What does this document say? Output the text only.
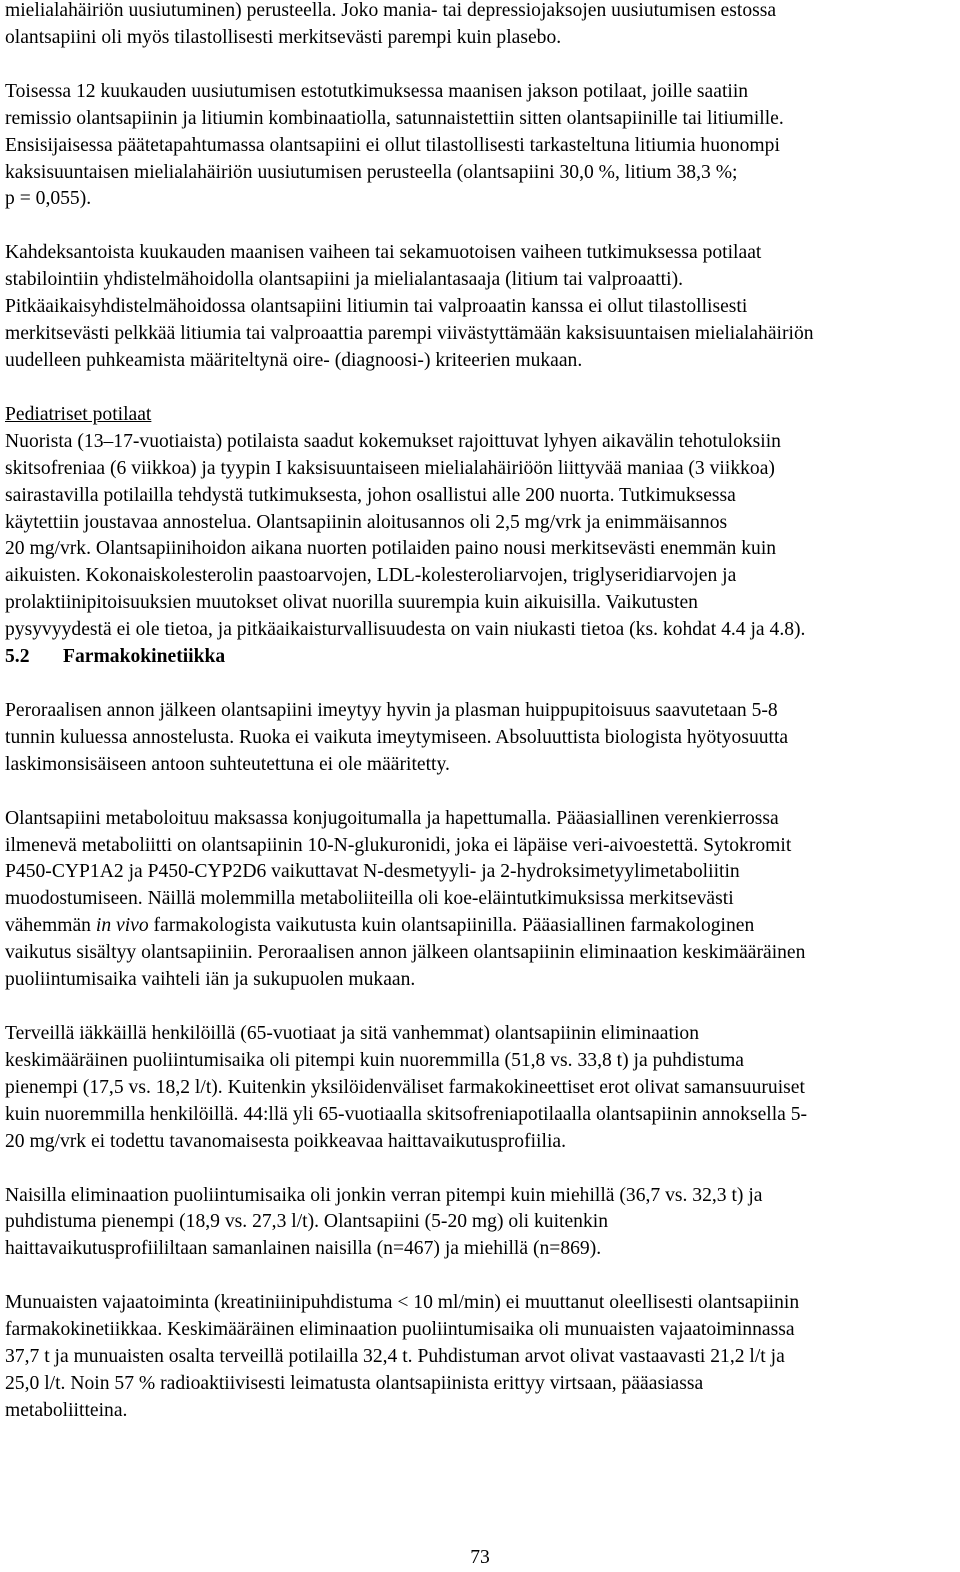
mielialahäiriön uusiutuminen) perusteella. Joko mania- tai depressiojaksojen uusiutumisen estossa
olantsapiini oli myös tilastollisesti merkitsevästi parempi kuin plasebo.

Toisessa 12 kuukauden uusiutumisen estotutkimuksessa maanisen jakson potilaat, joille saatiin
remissio olantsapiinin ja litiumin kombinaatiolla, satunnaistettiin sitten olantsapiinille tai litiumille.
Ensisijaisessa päätetapahtumassa olantsapiini ei ollut tilastollisesti tarkasteltuna litiumia huonompi
kaksisuuntaisen mielialahäiriön uusiutumisen perusteella (olantsapiini 30,0 %, litium 38,3 %;
p = 0,055).

Kahdeksantoista kuukauden maanisen vaiheen tai sekamuotoisen vaiheen tutkimuksessa potilaat
stabilointiin yhdistelmähoidolla olantsapiini ja mielialantasaaja (litium tai valproaatti).
Pitkäaikaisyhdistelmähoidossa olantsapiini litiumin tai valproaatin kanssa ei ollut tilastollisesti
merkitsevästi pelkkää litiumia tai valproaattia parempi viivästyttämään kaksisuuntaisen mielialahäiriön
uudelleen puhkeamista määriteltynä oire- (diagnoosi-) kriteerien mukaan.

Pediatriset potilaat
Nuorista (13–17-vuotiaista) potilaista saadut kokemukset rajoittuvat lyhyen aikavälin tehotuloksiin
skitsofreniaa (6 viikkoa) ja tyypin I kaksisuuntaiseen mielialahäiriöön liittyvää maniaa (3 viikkoa)
sairastavilla potilailla tehdystä tutkimuksesta, johon osallistui alle 200 nuorta. Tutkimuksessa
käytettiin joustavaa annostelua. Olantsapiinin aloitusannos oli 2,5 mg/vrk ja enimmäisannos
20 mg/vrk. Olantsapiinihoidon aikana nuorten potilaiden paino nousi merkitsevästi enemmän kuin
aikuisten. Kokonaiskolesterolin paastoarvojen, LDL-kolesteroliarvojen, triglyseridiarvojen ja
prolaktiinipitoisuuksien muutokset olivat nuorilla suurempia kuin aikuisilla. Vaikutusten
pysyvyydestä ei ole tietoa, ja pitkäaikaisturvallisuudesta on vain niukasti tietoa (ks. kohdat 4.4 ja 4.8).

5.2 Farmakokinetiikka

Peroraalisen annon jälkeen olantsapiini imeytyy hyvin ja plasman huippupitoisuus saavutetaan 5-8
tunnin kuluessa annostelusta. Ruoka ei vaikuta imeytymiseen. Absoluuttista biologista hyötyosuutta
laskimonsisäiseen antoon suhteutettuna ei ole määritetty.

Olantsapiini metaboloituu maksassa konjugoitumalla ja hapettumalla. Pääasiallinen verenkierrossa
ilmenevä metaboliitti on olantsapiinin 10-N-glukuronidi, joka ei läpäise veri-aivoestettä. Sytokromit
P450-CYP1A2 ja P450-CYP2D6 vaikuttavat N-desmetyyli- ja 2-hydroksimetyylimetaboliitin
muodostumiseen. Näillä molemmilla metaboliiteilla oli koe-eläintutkimuksissa merkitsevästi
vähemmän in vivo farmakologista vaikutusta kuin olantsapiinilla. Pääasiallinen farmakologinen
vaikutus sisältyy olantsapiiniin. Peroraalisen annon jälkeen olantsapiinin eliminaation keskimääräinen
puoliintumisaika vaihteli iän ja sukupuolen mukaan.

Terveillä iäkkäillä henkilöillä (65-vuotiaat ja sitä vanhemmat) olantsapiinin eliminaation
keskimääräinen puoliintumisaika oli pitempi kuin nuoremmilla (51,8 vs. 33,8 t) ja puhdistuma
pienempi (17,5 vs. 18,2 l/t). Kuitenkin yksilöidenväliset farmakokineettiset erot olivat samansuuruiset
kuin nuoremmilla henkilöillä. 44:llä yli 65-vuotiaalla skitsofreniapotilaalla olantsapiinin annoksella 5-
20 mg/vrk ei todettu tavanomaisesta poikkeavaa haittavaikutusprofiilia.

Naisilla eliminaation puoliintumisaika oli jonkin verran pitempi kuin miehillä (36,7 vs. 32,3 t) ja
puhdistuma pienempi (18,9 vs. 27,3 l/t). Olantsapiini (5-20 mg) oli kuitenkin
haittavaikutusprofiililtaan samanlainen naisilla (n=467) ja miehillä (n=869).

Munuaisten vajaatoiminta (kreatiniinipuhdistuma < 10 ml/min) ei muuttanut oleellisesti olantsapiinin
farmakokinetiikkaa. Keskimääräinen eliminaation puoliintumisaika oli munuaisten vajaatoiminnassa
37,7 t ja munuaisten osalta terveillä potilailla 32,4 t. Puhdistuman arvot olivat vastaavasti 21,2 l/t ja
25,0 l/t. Noin 57 % radioaktiivisesti leimatusta olantsapiinista erittyy virtsaan, pääasiassa
metaboliitteina.

73
